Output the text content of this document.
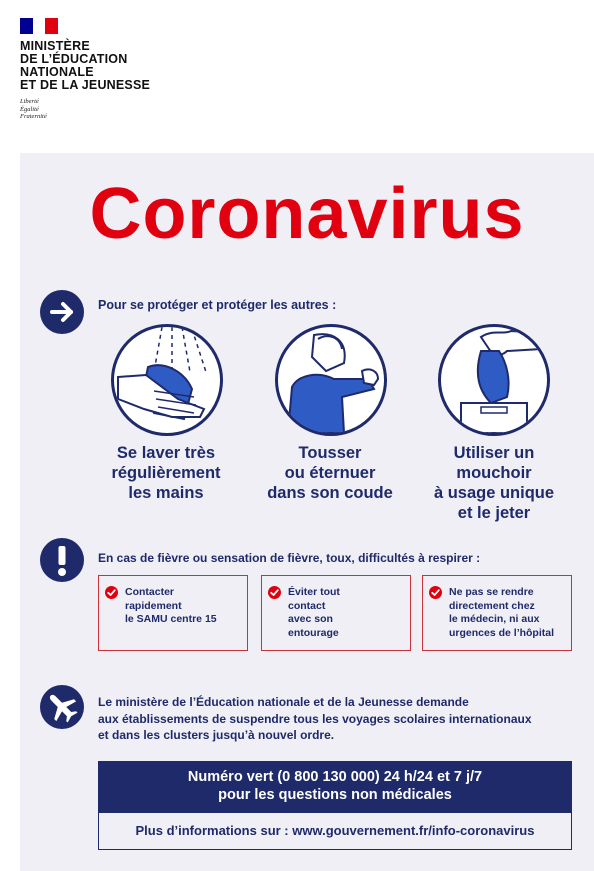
MINISTÈRE
DE L’ÉDUCATION
NATIONALE
ET DE LA JEUNESSE
Liberté
Égalité
Fraternité
Coronavirus
Pour se protéger et protéger les autres :
Se laver très
régulièrement
les mains
Tousser
ou éternuer
dans son coude
Utiliser un
mouchoir
à usage unique
et le jeter
En cas de fièvre ou sensation de fièvre, toux, difficultés à respirer :
Contacter
rapidement
le SAMU centre 15
Éviter tout
contact
avec son
entourage
Ne pas se rendre
directement chez
le médecin, ni aux
urgences de l’hôpital
Le ministère de l’Éducation nationale et de la Jeunesse demande
aux établissements de suspendre tous les voyages scolaires internationaux
et dans les clusters jusqu’à nouvel ordre.
Numéro vert (0 800 130 000) 24 h/24 et 7 j/7
pour les questions non médicales
Plus d’informations sur : www.gouvernement.fr/info-coronavirus
